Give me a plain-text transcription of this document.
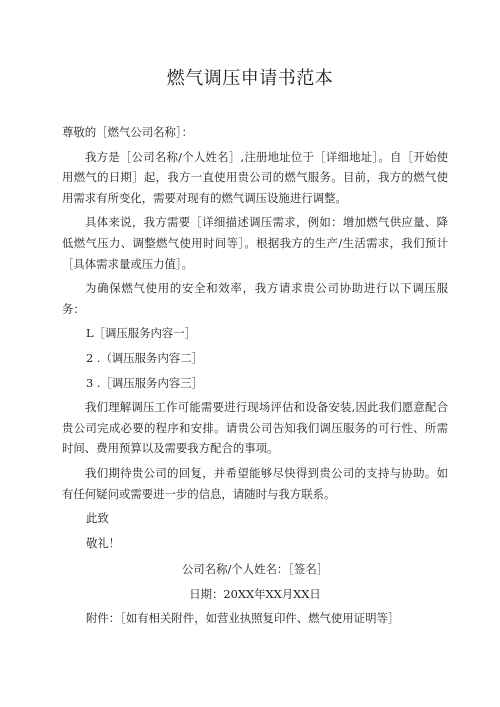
燃气调压申请书范本

尊敬的［燃气公司名称］：

我方是［公司名称/个人姓名］,注册地址位于［详细地址］。自［开始使用燃气的日期］起，我方一直使用贵公司的燃气服务。目前，我方的燃气使用需求有所变化，需要对现有的燃气调压设施进行调整。

具体来说，我方需要［详细描述调压需求，例如：增加燃气供应量、降低燃气压力、调整燃气使用时间等］。根据我方的生产/生活需求，我们预计［具体需求量或压力值］。

为确保燃气使用的安全和效率，我方请求贵公司协助进行以下调压服务：

L［调压服务内容一］

2 .（调压服务内容二］

3 .［调压服务内容三］

我们理解调压工作可能需要进行现场评估和设备安装,因此我们愿意配合贵公司完成必要的程序和安排。请贵公司告知我们调压服务的可行性、所需时间、费用预算以及需要我方配合的事项。

我们期待贵公司的回复，并希望能够尽快得到贵公司的支持与协助。如有任何疑问或需要进一步的信息，请随时与我方联系。

此致

敬礼！

公司名称/个人姓名：［签名］

日期：20XX年XX月XX日

附件：［如有相关附件，如营业执照复印件、燃气使用证明等］
